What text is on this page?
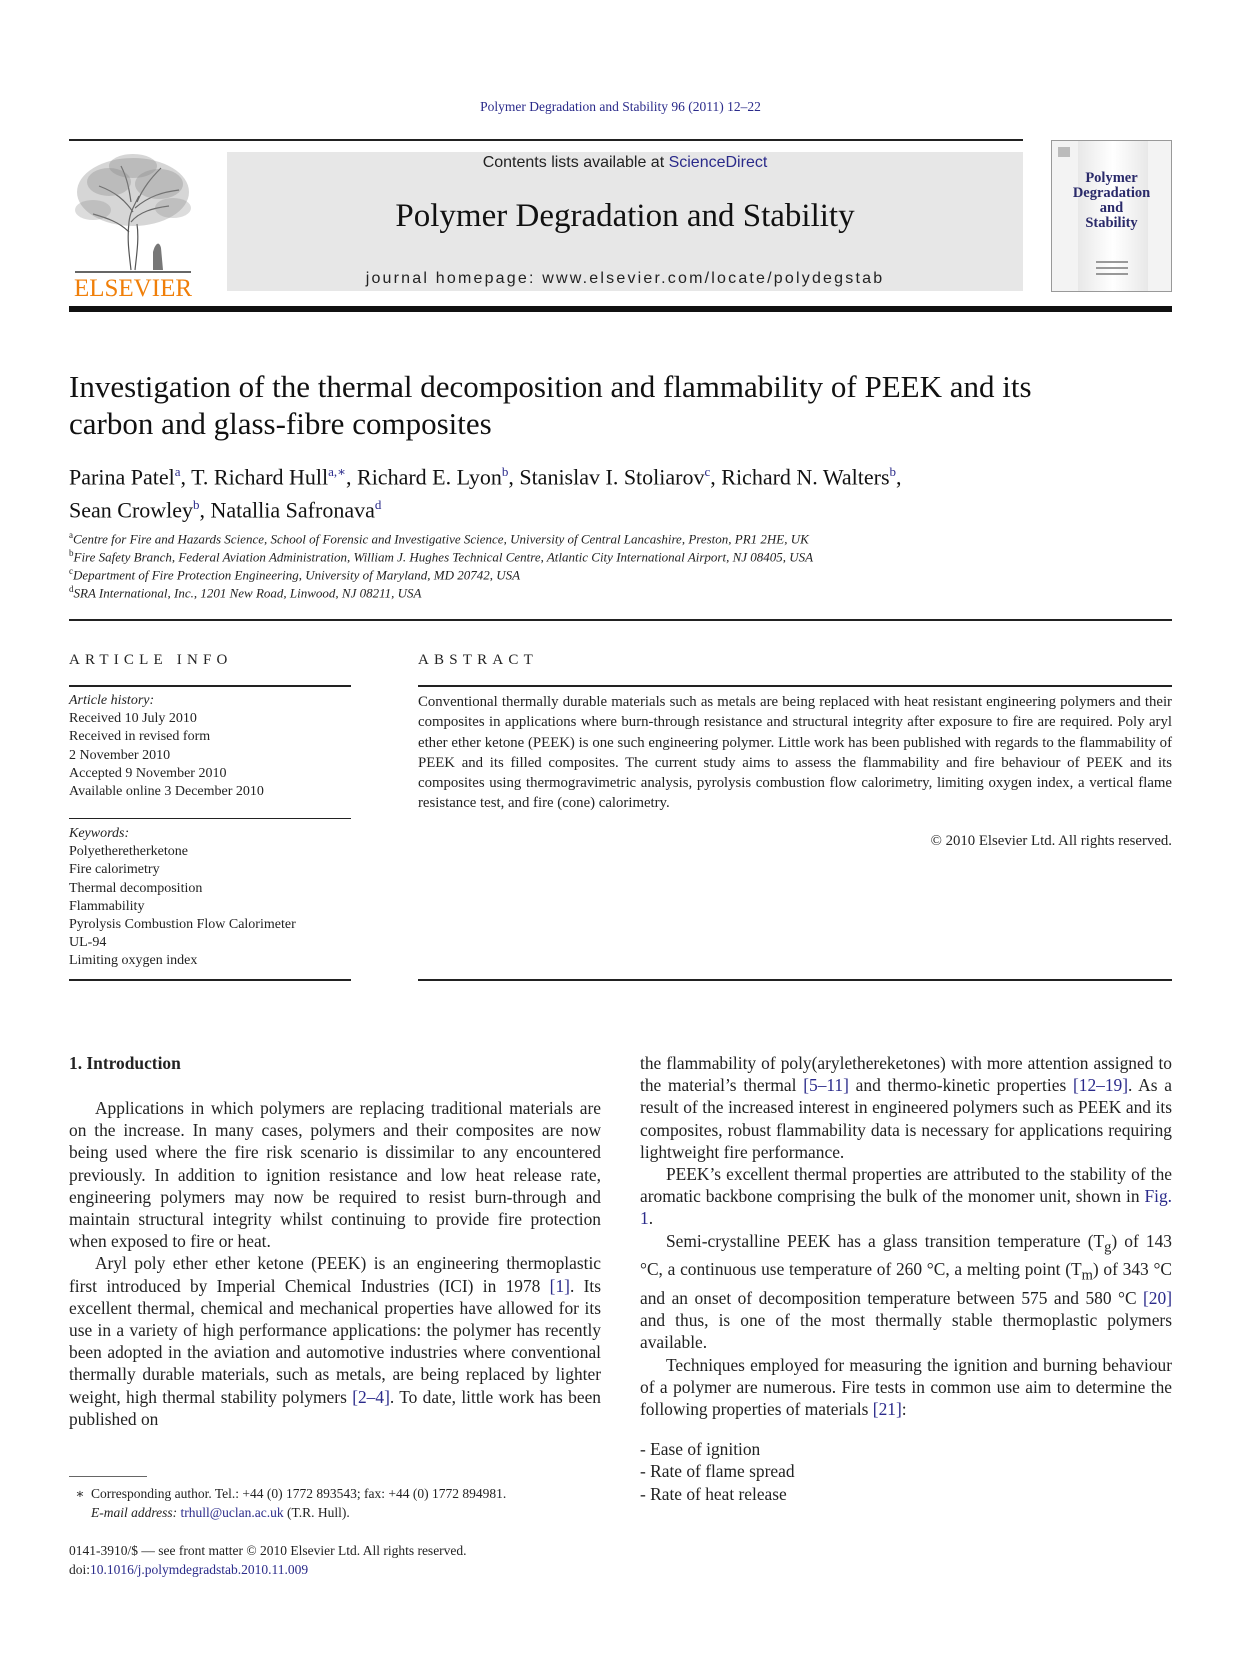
Polymer Degradation and Stability 96 (2011) 12–22
ELSEVIER
Contents lists available at ScienceDirect
Polymer Degradation and Stability
journal homepage: www.elsevier.com/locate/polydegstab
Polymer
Degradation
and
Stability
Investigation of the thermal decomposition and flammability of PEEK and its
carbon and glass-fibre composites
Parina Patel$^a$, T. Richard Hull$^{a,∗}$, Richard E. Lyon$^b$, Stanislav I. Stoliarov$^c$, Richard N. Walters$^b$,
Sean Crowley$^b$, Natallia Safronava$^d$
$^a$Centre for Fire and Hazards Science, School of Forensic and Investigative Science, University of Central Lancashire, Preston, PR1 2HE, UK
$^b$Fire Safety Branch, Federal Aviation Administration, William J. Hughes Technical Centre, Atlantic City International Airport, NJ 08405, USA
$^c$Department of Fire Protection Engineering, University of Maryland, MD 20742, USA
$^d$SRA International, Inc., 1201 New Road, Linwood, NJ 08211, USA
ARTICLE INFO
Article history:
Received 10 July 2010
Received in revised form
2 November 2010
Accepted 9 November 2010
Available online 3 December 2010
Keywords:
Polyetheretherketone
Fire calorimetry
Thermal decomposition
Flammability
Pyrolysis Combustion Flow Calorimeter
UL-94
Limiting oxygen index
ABSTRACT
Conventional thermally durable materials such as metals are being replaced with heat resistant engineering polymers and their composites in applications where burn-through resistance and structural integrity after exposure to fire are required. Poly aryl ether ether ketone (PEEK) is one such engineering polymer. Little work has been published with regards to the flammability of PEEK and its filled composites. The current study aims to assess the flammability and fire behaviour of PEEK and its composites using thermogravimetric analysis, pyrolysis combustion flow calorimetry, limiting oxygen index, a vertical flame resistance test, and fire (cone) calorimetry.
© 2010 Elsevier Ltd. All rights reserved.
1. Introduction

Applications in which polymers are replacing traditional materials are on the increase. In many cases, polymers and their composites are now being used where the fire risk scenario is dissimilar to any encountered previously. In addition to ignition resistance and low heat release rate, engineering polymers may now be required to resist burn-through and maintain structural integrity whilst continuing to provide fire protection when exposed to fire or heat.

Aryl poly ether ether ketone (PEEK) is an engineering thermoplastic first introduced by Imperial Chemical Industries (ICI) in 1978 [1]. Its excellent thermal, chemical and mechanical properties have allowed for its use in a variety of high performance applications: the polymer has recently been adopted in the aviation and automotive industries where conventional thermally durable materials, such as metals, are being replaced by lighter weight, high thermal stability polymers [2–4]. To date, little work has been published on

the flammability of poly(arylethereketones) with more attention assigned to the material’s thermal [5–11] and thermo-kinetic properties [12–19]. As a result of the increased interest in engineered polymers such as PEEK and its composites, robust flammability data is necessary for applications requiring lightweight fire performance.

PEEK’s excellent thermal properties are attributed to the stability of the aromatic backbone comprising the bulk of the monomer unit, shown in Fig. 1.

Semi-crystalline PEEK has a glass transition temperature $(T_g)$ of 143 °C, a continuous use temperature of 260 °C, a melting point $(T_m)$ of 343 °C and an onset of decomposition temperature between 575 and 580 °C [20] and thus, is one of the most thermally stable thermoplastic polymers available.

Techniques employed for measuring the ignition and burning behaviour of a polymer are numerous. Fire tests in common use aim to determine the following properties of materials [21]:

- Ease of ignition
- Rate of flame spread
- Rate of heat release
∗ Corresponding author. Tel.: +44 (0) 1772 893543; fax: +44 (0) 1772 894981.
E-mail address: trhull@uclan.ac.uk (T.R. Hull).
0141-3910/$ — see front matter © 2010 Elsevier Ltd. All rights reserved.
doi:10.1016/j.polymdegradstab.2010.11.009
